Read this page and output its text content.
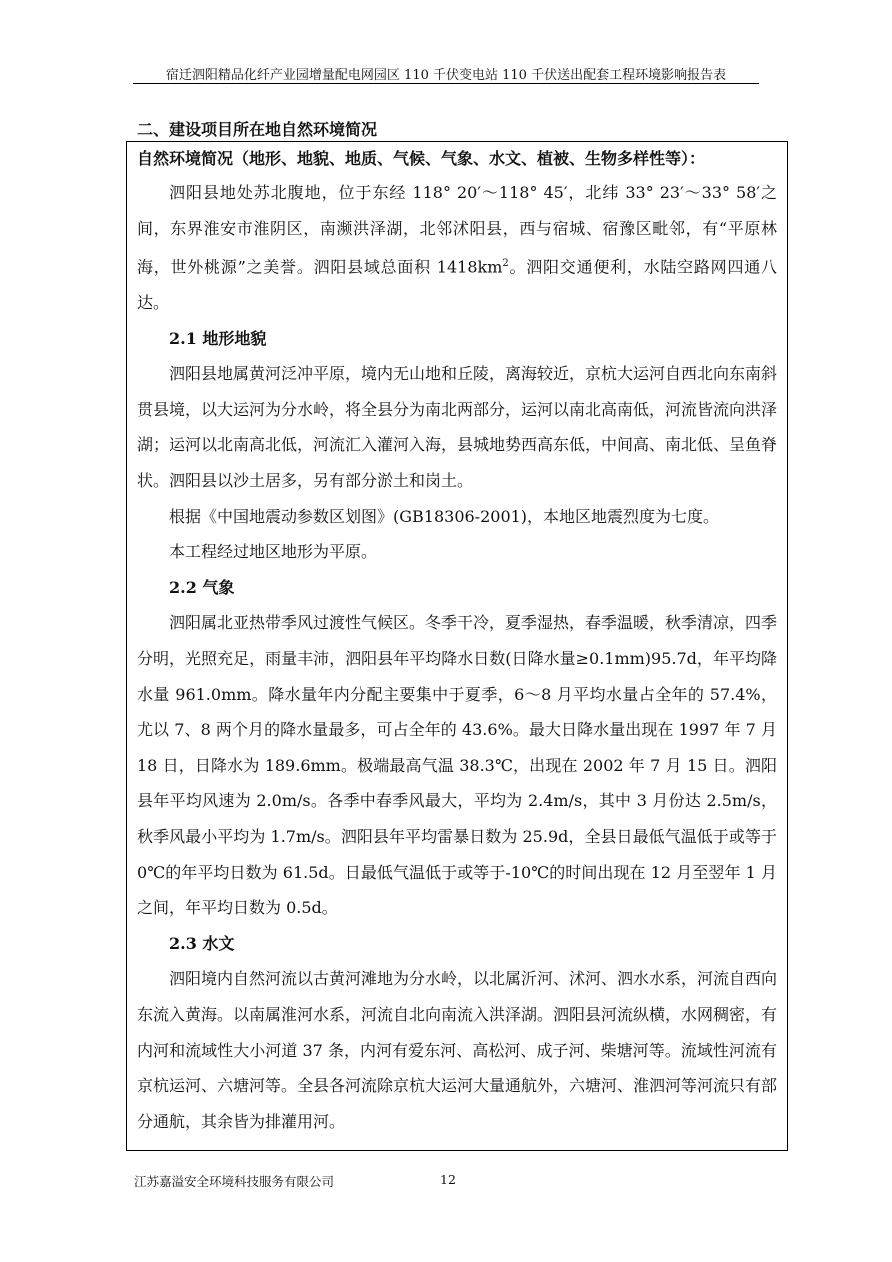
宿迁泗阳精品化纤产业园增量配电网园区 110 千伏变电站 110 千伏送出配套工程环境影响报告表
二、建设项目所在地自然环境简况
自然环境简况（地形、地貌、地质、气候、气象、水文、植被、生物多样性等）：

泗阳县地处苏北腹地，位于东经 118° 20′～118° 45′，北纬 33° 23′～33° 58′之间，东界淮安市淮阴区，南濒洪泽湖，北邻沭阳县，西与宿城、宿豫区毗邻，有“平原林海，世外桃源”之美誉。泗阳县域总面积 $1418km^2$。泗阳交通便利，水陆空路网四通八达。

2.1 地形地貌

泗阳县地属黄河泛冲平原，境内无山地和丘陵，离海较近，京杭大运河自西北向东南斜贯县境，以大运河为分水岭，将全县分为南北两部分，运河以南北高南低，河流皆流向洪泽湖；运河以北南高北低，河流汇入灌河入海，县城地势西高东低，中间高、南北低、呈鱼脊状。泗阳县以沙土居多，另有部分淤土和岗土。

根据《中国地震动参数区划图》(GB18306-2001)，本地区地震烈度为七度。

本工程经过地区地形为平原。

2.2 气象

泗阳属北亚热带季风过渡性气候区。冬季干冷，夏季湿热，春季温暖，秋季清凉，四季分明，光照充足，雨量丰沛，泗阳县年平均降水日数(日降水量≥0.1mm)95.7d，年平均降水量 961.0mm。降水量年内分配主要集中于夏季，6～8 月平均水量占全年的 57.4%，尤以 7、8 两个月的降水量最多，可占全年的 43.6%。最大日降水量出现在 1997 年 7 月 18 日，日降水为 189.6mm。极端最高气温 38.3℃，出现在 2002 年 7 月 15 日。泗阳县年平均风速为 2.0m/s。各季中春季风最大，平均为 2.4m/s，其中 3 月份达 2.5m/s，秋季风最小平均为 1.7m/s。泗阳县年平均雷暴日数为 25.9d，全县日最低气温低于或等于 0℃的年平均日数为 61.5d。日最低气温低于或等于-10℃的时间出现在 12 月至翌年 1 月之间，年平均日数为 0.5d。

2.3 水文

泗阳境内自然河流以古黄河滩地为分水岭，以北属沂河、沭河、泗水水系，河流自西向东流入黄海。以南属淮河水系，河流自北向南流入洪泽湖。泗阳县河流纵横，水网稠密，有内河和流域性大小河道 37 条，内河有爱东河、高松河、成子河、柴塘河等。流域性河流有京杭运河、六塘河等。全县各河流除京杭大运河大量通航外，六塘河、淮泗河等河流只有部分通航，其余皆为排灌用河。

江苏嘉溢安全环境科技服务有限公司	12
